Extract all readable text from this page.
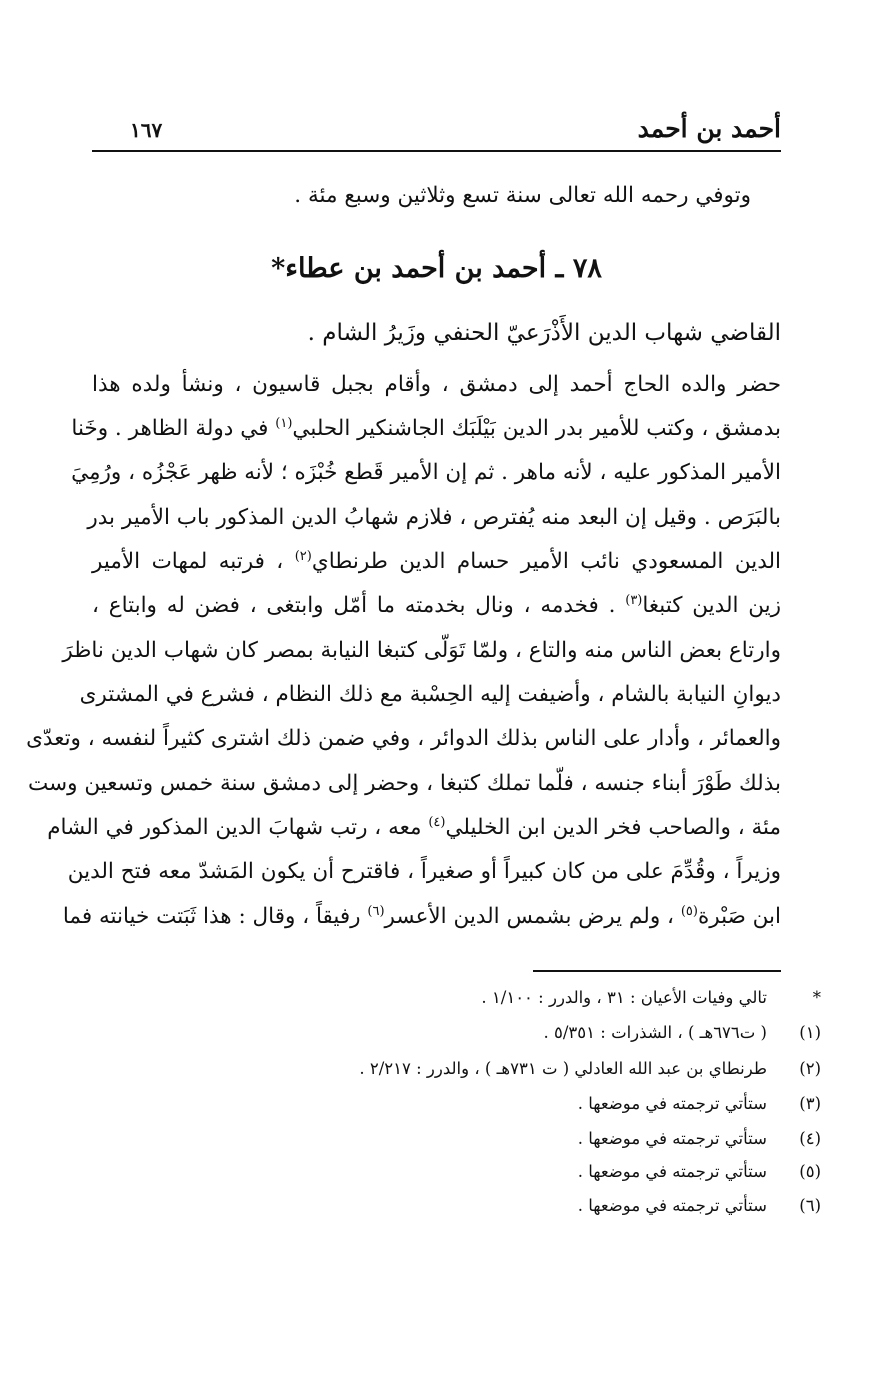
أحمد بن أحمد
١٦٧
وتوفي رحمه الله تعالى سنة تسع وثلاثين وسبع مئة .
٧٨ ـ أحمد بن أحمد بن عطاء*
القاضي شهاب الدين الأَذْرَعيّ الحنفي وزَيرُ الشام .
حضر والده الحاج أحمد إلى دمشق ، وأقام بجبل قاسيون ، ونشأ ولده هذا
بدمشق ، وكتب للأمير بدر الدين بَيْلَبَك الجاشنكير الحلبي$^{(١)}$ في دولة الظاهر . وخَنا
الأمير المذكور عليه ، لأنه ماهر . ثم إن الأمير قَطع خُبْزَه ؛ لأنه ظهر عَجْزُه ، ورُمِيَ
بالبَرَص . وقيل إن البعد منه يُفترص ، فلازم شهابُ الدين المذكور باب الأمير بدر
الدين المسعودي نائب الأمير حسام الدين طرنطاي$^{(٢)}$ ، فرتبه لمهات الأمير
زين الدين كتبغا$^{(٣)}$ . فخدمه ، ونال بخدمته ما أمّل وابتغى ، فضن له وابتاع ،
وارتاع بعض الناس منه والتاع ، ولمّا تَوَلّى كتبغا النيابة بمصر كان شهاب الدين ناظرَ
ديوانِ النيابة بالشام ، وأضيفت إليه الحِسْبة مع ذلك النظام ، فشرع في المشترى
والعمائر ، وأدار على الناس بذلك الدوائر ، وفي ضمن ذلك اشترى كثيراً لنفسه ، وتعدّى
بذلك طَوْرَ أبناء جنسه ، فلّما تملك كتبغا ، وحضر إلى دمشق سنة خمس وتسعين وست
مئة ، والصاحب فخر الدين ابن الخليلي$^{(٤)}$ معه ، رتب شهابَ الدين المذكور في الشام
وزيراً ، وقُدِّمَ على من كان كبيراً أو صغيراً ، فاقترح أن يكون المَشدّ معه فتح الدين
ابن صَبْرة$^{(٥)}$ ، ولم يرض بشمس الدين الأعسر$^{(٦)}$ رفيقاً ، وقال : هذا ثَبَتت خيانته فما
*تالي وفيات الأعيان : ٣١ ، والدرر : ١/١٠٠ .
(١)( ت٦٧٦هـ ) ، الشذرات : ٥/٣٥١ .
(٢)طرنطاي بن عبد الله العادلي ( ت ٧٣١هـ ) ، والدرر : ٢/٢١٧ .
(٣)ستأتي ترجمته في موضعها .
(٤)ستأتي ترجمته في موضعها .
(٥)ستأتي ترجمته في موضعها .
(٦)ستأتي ترجمته في موضعها .
